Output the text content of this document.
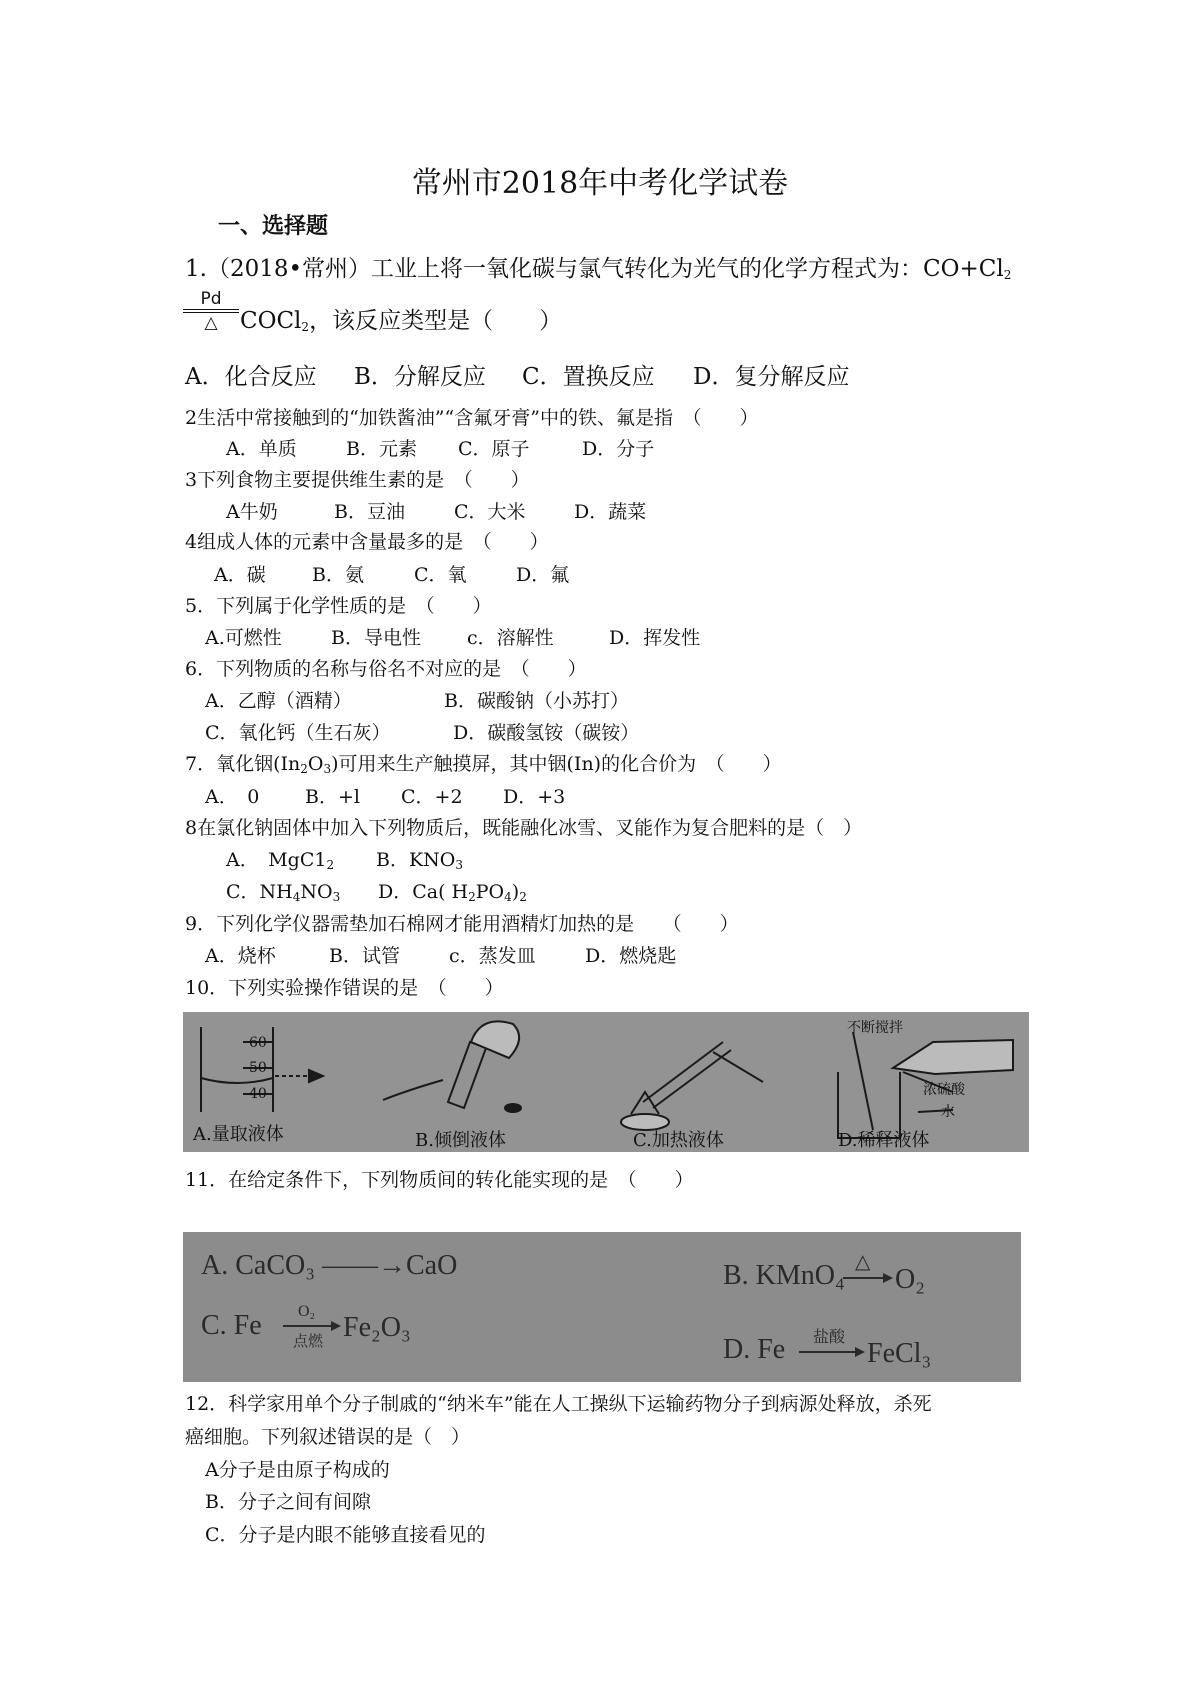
常州市2018年中考化学试卷
一、选择题
1.（2018•常州）工业上将一氧化碳与氯气转化为光气的化学方程式为：$CO+Cl_2$
Pd
△ COCl$_2$，该反应类型是（　　）
A．化合反应 B．分解反应 C．置换反应 D．复分解反应
2生活中常接触到的“加铁酱油”“含氟牙膏”中的铁、氟是指　（　　）
A．单质	B．元素 C．原子	D．分子
3下列食物主要提供维生素的是　（　　）
A牛奶	B．豆油	C．大米	D．蔬菜
4组成人体的元素中含量最多的是　（　　）
A．碳 B．氨	C．氧	D．氟
5．下列属于化学性质的是　（　　）
A.可燃性	B．导电性 c．溶解性	D．挥发性
6．下列物质的名称与俗名不对应的是　（　　）
A．乙醇（酒精）	B．碳酸钠（小苏打）
C．氧化钙（生石灰）	D．碳酸氢铵（碳铵）
7．氧化铟$(In_2O_3)$可用来生产触摸屏，其中铟(In)的化合价为　（　　）
A．　0 B．+l C．+2 D．+3
8在氯化钠固体中加入下列物质后，既能融化冰雪、叉能作为复合肥料的是（　）
A．　$MgC1_2$ B．$KNO_3$
C．$NH_4NO_3$ D．Ca( $H_2PO_4)_2$
9．下列化学仪器需垫加石棉网才能用酒精灯加热的是　　（　　）
A．烧杯	B．试管	c．蒸发皿	D．燃烧匙
10．下列实验操作错误的是　（　　）
60
50
40
不断搅拌
浓硫酸
水
A.量取液体	B.倾倒液体	C.加热液体	D.稀释液体
11．在给定条件下，下列物质间的转化能实现的是　（　　）
A. CaCO₃ ——→CaO	B. KMnO₄ △
O₂
C. Fe O₂
点燃 Fe₂O₃
D. Fe 盐酸
FeCl₃
12．科学家用单个分子制戚的“纳米车”能在人工操纵下运输药物分子到病源处释放，杀死
癌细胞。下列叙述错误的是（　）
A分子是由原子构成的
B．分子之间有间隙
C．分子是内眼不能够直接看见的
